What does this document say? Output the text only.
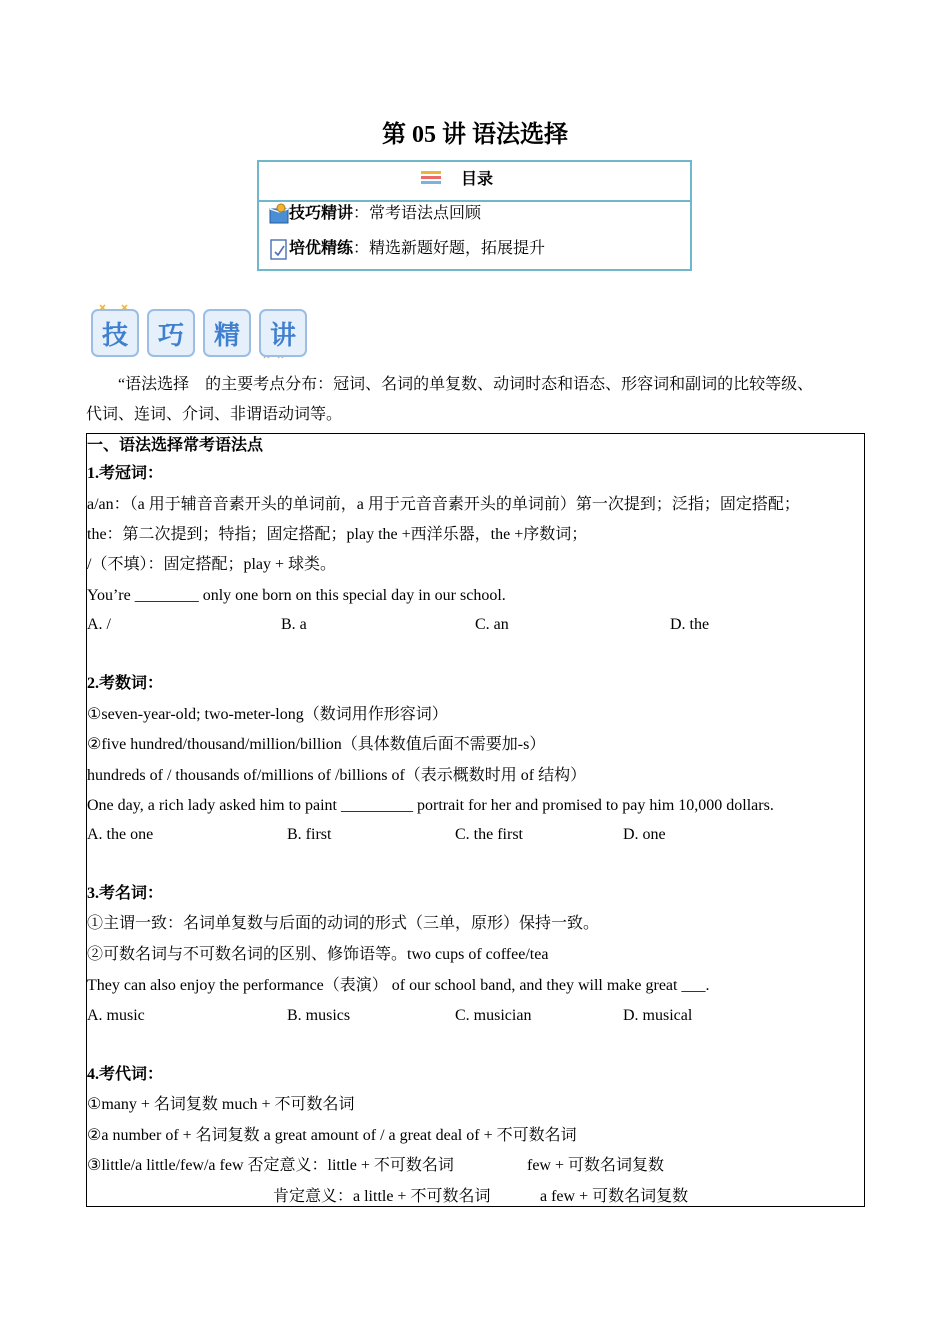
第 05 讲 语法选择
目录
技巧精讲：常考语法点回顾
培优精练：精选新题好题，拓展提升
技 巧 精 讲
“语法选择　的主要考点分布：冠词、名词的单复数、动词时态和语态、形容词和副词的比较等级、
代词、连词、介词、非谓语动词等。
一、语法选择常考语法点
1.考冠词：
a/an：（a 用于辅音音素开头的单词前，a 用于元音音素开头的单词前）第一次提到；泛指；固定搭配；
the：第二次提到；特指；固定搭配；play the +西洋乐器，the +序数词；
/（不填）：固定搭配；play + 球类。
You’re ________ only one born on this special day in our school.
A. /	B. a	C. an	D. the
2.考数词：
①seven-year-old; two-meter-long（数词用作形容词）
②five hundred/thousand/million/billion（具体数值后面不需要加-s）
hundreds of / thousands of/millions of /billions of（表示概数时用 of 结构）
One day, a rich lady asked him to paint _________ portrait for her and promised to pay him 10,000 dollars.
A. the one	B. first	C. the first	D. one
3.考名词：
①主谓一致：名词单复数与后面的动词的形式（三单，原形）保持一致。
②可数名词与不可数名词的区别、修饰语等。two cups of coffee/tea
They can also enjoy the performance（表演） of our school band, and they will make great ___.
A. music	B. musics	C. musician	D. musical
4.考代词：
①many + 名词复数 much + 不可数名词
②a number of + 名词复数 a great amount of / a great deal of + 不可数名词
③little/a little/few/a few 否定意义：little + 不可数名词	few + 可数名词复数
肯定意义：a little + 不可数名词	a few + 可数名词复数
